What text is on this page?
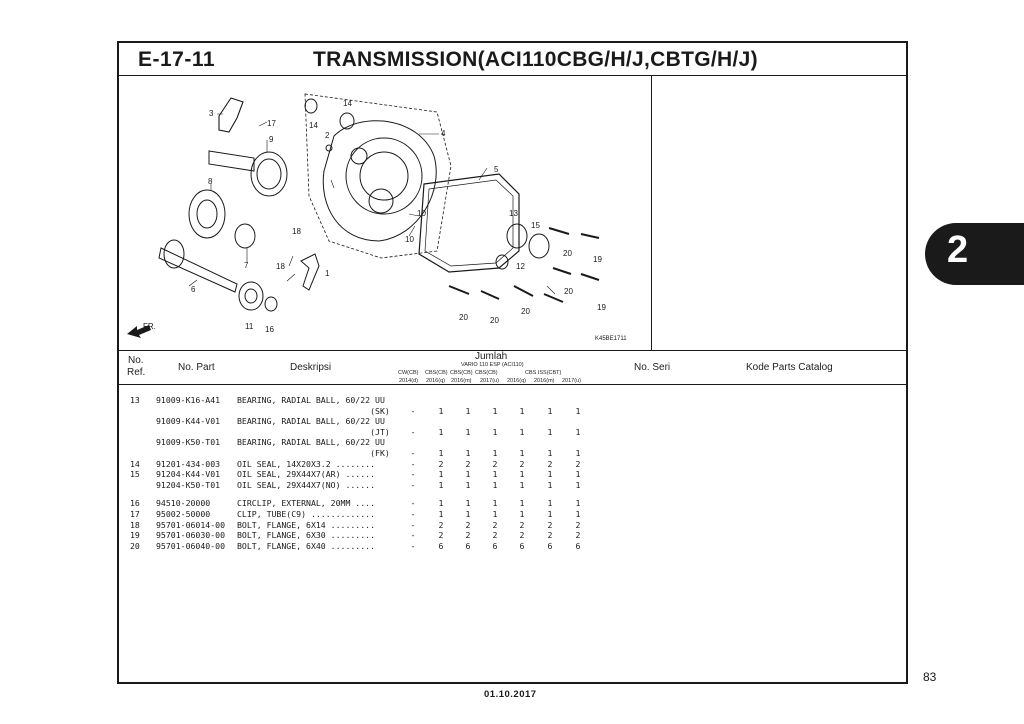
E-17-11	TRANSMISSION(ACI110CBG/H/J,CBTG/H/J)
FR.
K45BE1711
3
17
9
8
7
6
11 16
18
18
1
14
14
2	4
5
10
10
13
15
12
20
19
20
19
20	20
20
No.
Ref.	No. Part	Deskripsi
Jumlah
VARIO 110 ESP (ACI110)	No. Seri	Kode Parts Catalog
CW(CB) CBS(CB) CBS(CB) CBS(CB)	CBS ISS(CBT)
2014(d) 2016(q) 2016(m) 2017(u) 2016(q) 2016(m) 2017(u)
13 91009-K16-A41 BEARING, RADIAL BALL, 60/22 UU
(SK)	-	1	1	1	1	1	1
91009-K44-V01 BEARING, RADIAL BALL, 60/22 UU
(JT)	-	1	1	1	1	1	1
91009-K50-T01 BEARING, RADIAL BALL, 60/22 UU
(FK)	-	1	1	1	1	1	1
14 91201-434-003 OIL SEAL, 14X20X3.2 ........	-	2	2	2	2	2	2
15 91204-K44-V01 OIL SEAL, 29X44X7(AR) ......	-	1	1	1	1	1	1
91204-K50-T01 OIL SEAL, 29X44X7(NO) ......	-	1	1	1	1	1	1
16 94510-20000	CIRCLIP, EXTERNAL, 20MM ....	-	1	1	1	1	1	1
17 95002-50000	CLIP, TUBE(C9) .............	-	1	1	1	1	1	1
18 95701-06014-00 BOLT, FLANGE, 6X14 .........	-	2	2	2	2	2	2
19 95701-06030-00 BOLT, FLANGE, 6X30 .........	-	2	2	2	2	2	2
20 95701-06040-00 BOLT, FLANGE, 6X40 .........	-	6	6	6	6	6	6
2
83
01.10.2017
